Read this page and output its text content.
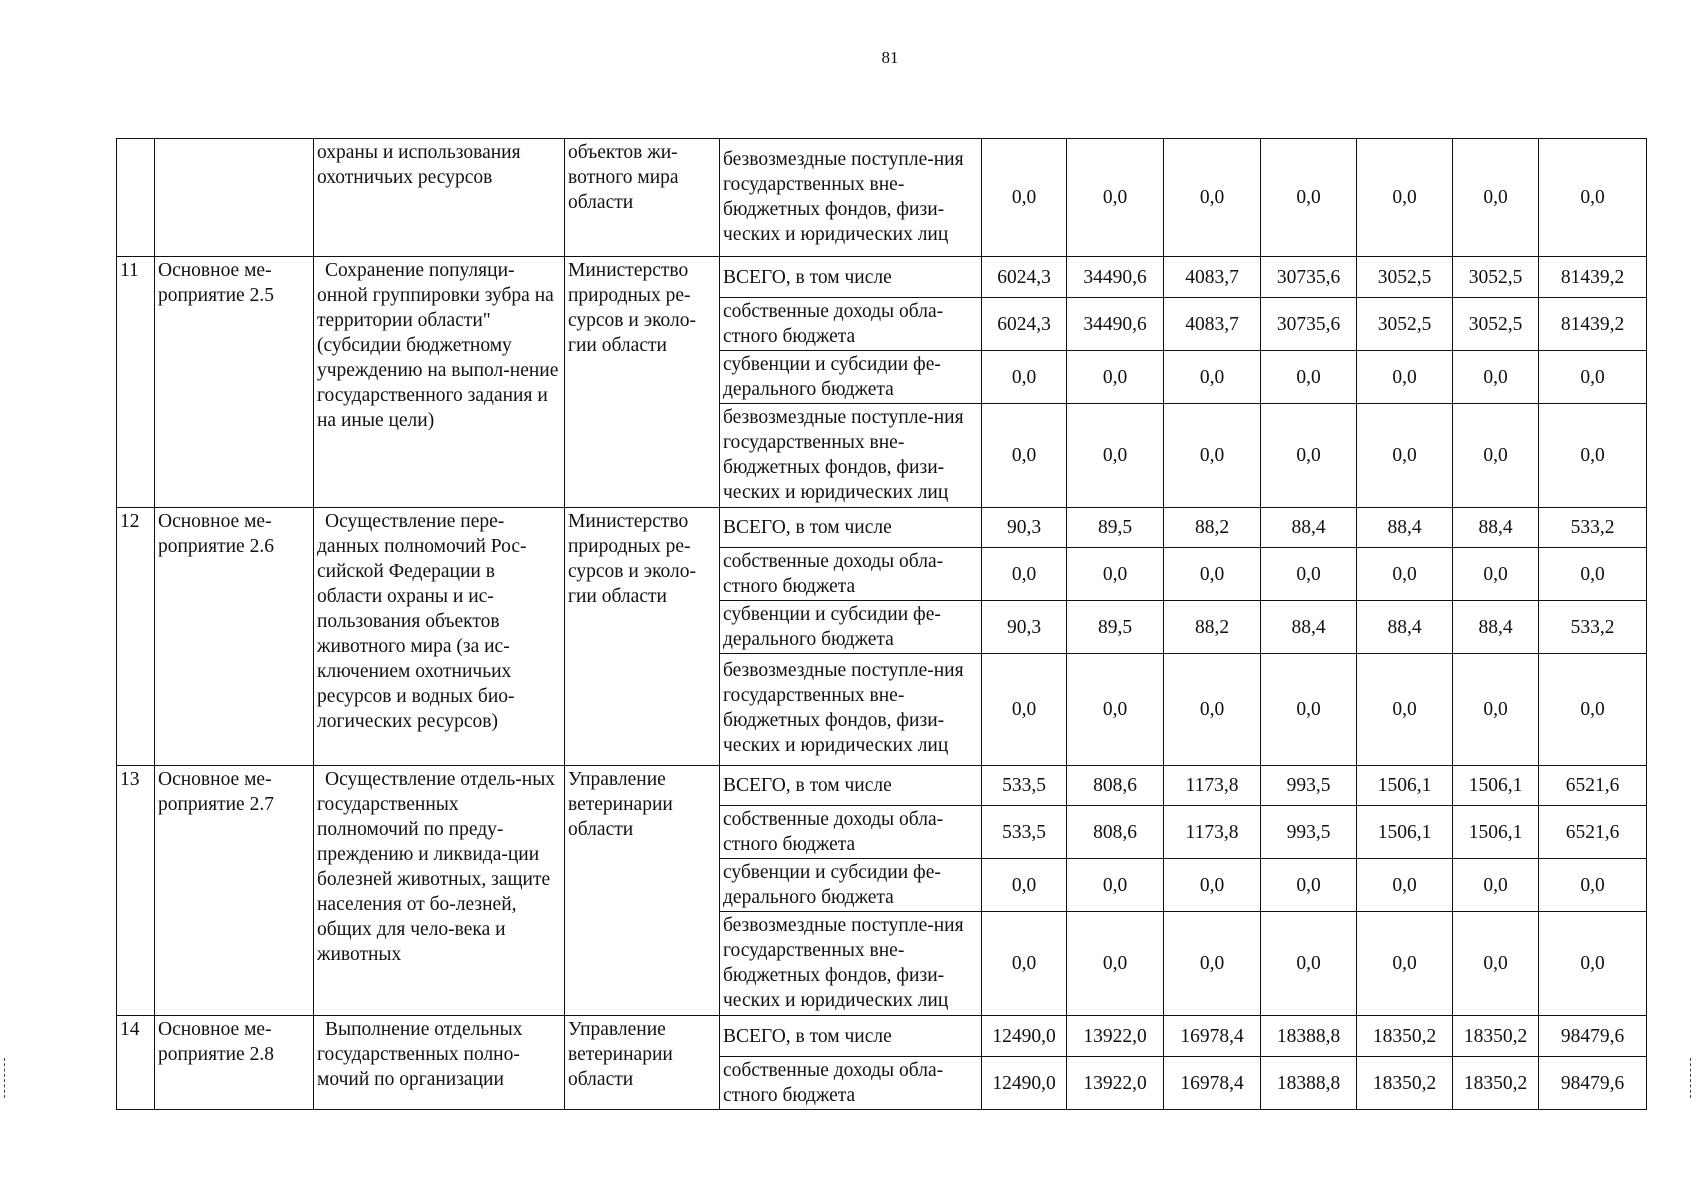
81
		охраны и использования охотничьих ресурсов	объектов жи-вотного мира области	безвозмездные поступле-ния государственных вне-бюджетных фондов, физи-ческих и юридических лиц	0,0	0,0	0,0	0,0	0,0	0,0	0,0
11	Основное ме-роприятие 2.5	Сохранение популяци-онной группировки зубра на территории области" (субсидии бюджетному учреждению на выпол-нение государственного задания и на иные цели)	Министерство природных ре-сурсов и эколо-гии области	ВСЕГО, в том числе	6024,3	34490,6	4083,7	30735,6	3052,5	3052,5	81439,2
				собственные доходы обла-стного бюджета	6024,3	34490,6	4083,7	30735,6	3052,5	3052,5	81439,2
				субвенции и субсидии фе-дерального бюджета	0,0	0,0	0,0	0,0	0,0	0,0	0,0
				безвозмездные поступле-ния государственных вне-бюджетных фондов, физи-ческих и юридических лиц	0,0	0,0	0,0	0,0	0,0	0,0	0,0
12	Основное ме-роприятие 2.6	Осуществление пере-данных полномочий Рос-сийской Федерации в области охраны и ис-пользования объектов животного мира (за ис-ключением охотничьих ресурсов и водных био-логических ресурсов)	Министерство природных ре-сурсов и эколо-гии области	ВСЕГО, в том числе	90,3	89,5	88,2	88,4	88,4	88,4	533,2
				собственные доходы обла-стного бюджета	0,0	0,0	0,0	0,0	0,0	0,0	0,0
				субвенции и субсидии фе-дерального бюджета	90,3	89,5	88,2	88,4	88,4	88,4	533,2
				безвозмездные поступле-ния государственных вне-бюджетных фондов, физи-ческих и юридических лиц	0,0	0,0	0,0	0,0	0,0	0,0	0,0
13	Основное ме-роприятие 2.7	Осуществление отдель-ных государственных полномочий по преду-преждению и ликвида-ции болезней животных, защите населения от бо-лезней, общих для чело-века и животных	Управление ветеринарии области	ВСЕГО, в том числе	533,5	808,6	1173,8	993,5	1506,1	1506,1	6521,6
				собственные доходы обла-стного бюджета	533,5	808,6	1173,8	993,5	1506,1	1506,1	6521,6
				субвенции и субсидии фе-дерального бюджета	0,0	0,0	0,0	0,0	0,0	0,0	0,0
				безвозмездные поступле-ния государственных вне-бюджетных фондов, физи-ческих и юридических лиц	0,0	0,0	0,0	0,0	0,0	0,0	0,0
14	Основное ме-роприятие 2.8	Выполнение отдельных государственных полно-мочий по организации	Управление ветеринарии области	ВСЕГО, в том числе	12490,0	13922,0	16978,4	18388,8	18350,2	18350,2	98479,6
				собственные доходы обла-стного бюджета	12490,0	13922,0	16978,4	18388,8	18350,2	18350,2	98479,6
